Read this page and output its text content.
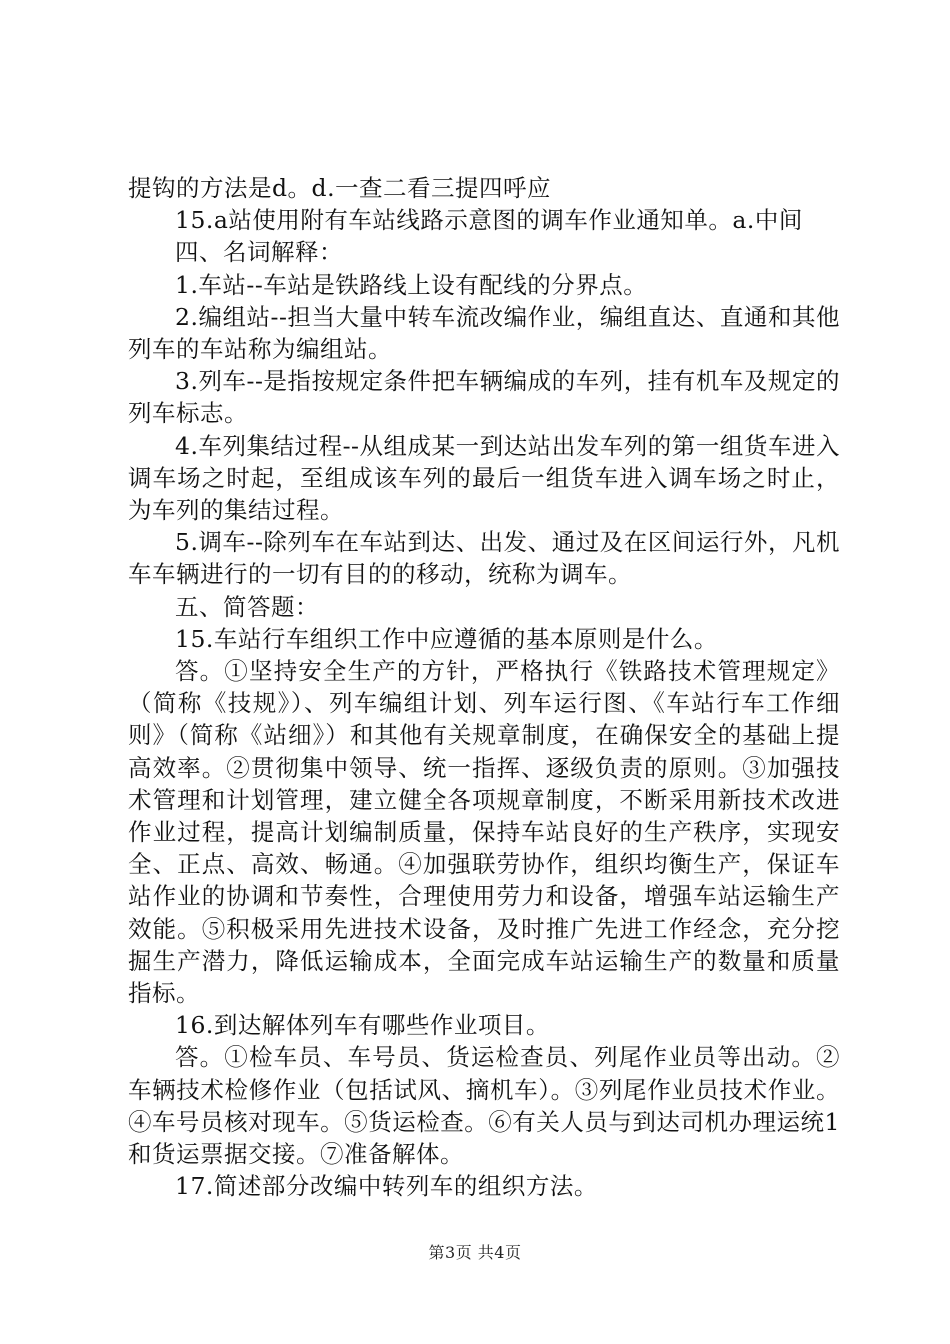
提钩的方法是d。d.一查二看三提四呼应

15.a站使用附有车站线路示意图的调车作业通知单。a.中间

四、名词解释：

1.车站--车站是铁路线上设有配线的分界点。

2.编组站--担当大量中转车流改编作业，编组直达、直通和其他列车的车站称为编组站。

3.列车--是指按规定条件把车辆编成的车列，挂有机车及规定的列车标志。

4.车列集结过程--从组成某一到达站出发车列的第一组货车进入调车场之时起，至组成该车列的最后一组货车进入调车场之时止，为车列的集结过程。

5.调车--除列车在车站到达、出发、通过及在区间运行外，凡机车车辆进行的一切有目的的移动，统称为调车。

五、简答题：

15.车站行车组织工作中应遵循的基本原则是什么。

答。①坚持安全生产的方针，严格执行《铁路技术管理规定》（简称《技规》）、列车编组计划、列车运行图、《车站行车工作细则》（简称《站细》）和其他有关规章制度，在确保安全的基础上提高效率。②贯彻集中领导、统一指挥、逐级负责的原则。③加强技术管理和计划管理，建立健全各项规章制度，不断采用新技术改进作业过程，提高计划编制质量，保持车站良好的生产秩序，实现安全、正点、高效、畅通。④加强联劳协作，组织均衡生产，保证车站作业的协调和节奏性，合理使用劳力和设备，增强车站运输生产效能。⑤积极采用先进技术设备，及时推广先进工作经念，充分挖掘生产潜力，降低运输成本，全面完成车站运输生产的数量和质量指标。

16.到达解体列车有哪些作业项目。

答。①检车员、车号员、货运检查员、列尾作业员等出动。②车辆技术检修作业（包括试风、摘机车）。③列尾作业员技术作业。④车号员核对现车。⑤货运检查。⑥有关人员与到达司机办理运统1和货运票据交接。⑦准备解体。

17.简述部分改编中转列车的组织方法。

第3页 共4页
